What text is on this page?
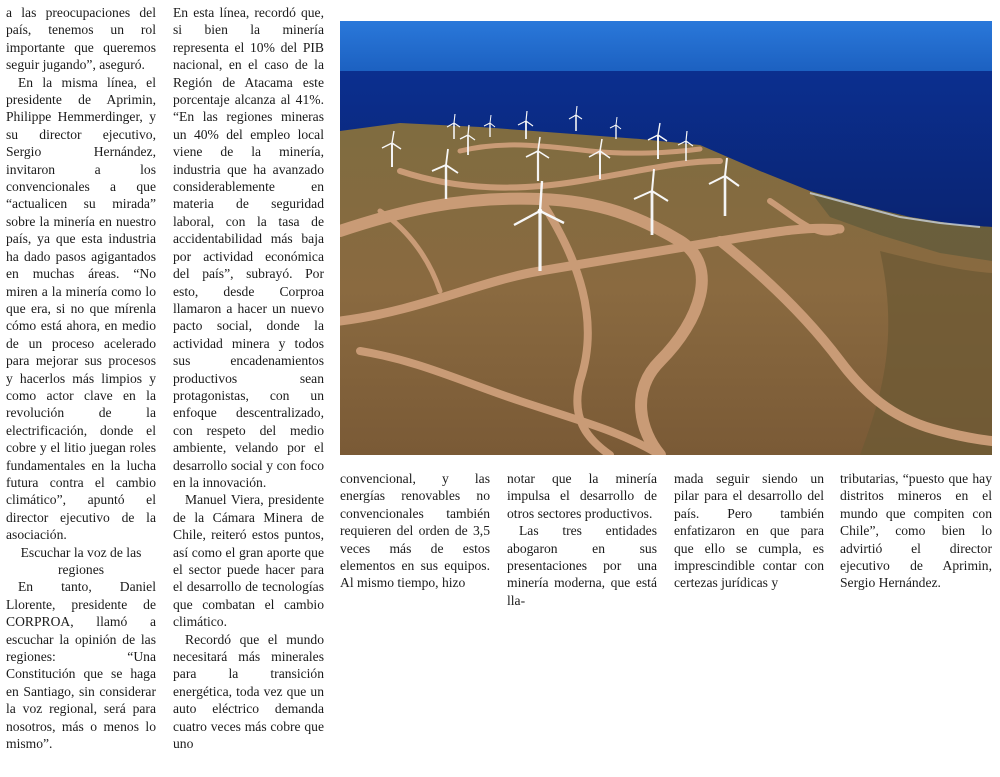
a las preocupaciones del país, tenemos un rol importante que queremos seguir jugando”, aseguró.

En la misma línea, el presidente de Aprimin, Philippe Hemmerdinger, y su director ejecutivo, Sergio Hernández, invitaron a los convencionales a que “actualicen su mirada” sobre la minería en nuestro país, ya que esta industria ha dado pasos agigantados en muchas áreas. “No miren a la minería como lo que era, si no que mírenla cómo está ahora, en medio de un proceso acelerado para mejorar sus procesos y hacerlos más limpios y como actor clave en la revolución de la electrificación, donde el cobre y el litio juegan roles fundamentales en la lucha futura contra el cambio climático”, apuntó el director ejecutivo de la asociación.

Escuchar la voz de las regiones

En tanto, Daniel Llorente, presidente de CORPROA, llamó a escuchar la opinión de las regiones: “Una Constitución que se haga en Santiago, sin considerar la voz regional, será para nosotros, más o menos lo mismo”.

En esta línea, recordó que, si bien la minería representa el 10% del PIB nacional, en el caso de la Región de Atacama este porcentaje alcanza al 41%. “En las regiones mineras un 40% del empleo local viene de la minería, industria que ha avanzado considerablemente en materia de seguridad laboral, con la tasa de accidentabilidad más baja por actividad económica del país”, subrayó. Por esto, desde Corproa llamaron a hacer un nuevo pacto social, donde la actividad minera y todos sus encadenamientos productivos sean protagonistas, con un enfoque descentralizado, con respeto del medio ambiente, velando por el desarrollo social y con foco en la innovación.

Manuel Viera, presidente de la Cámara Minera de Chile, reiteró estos puntos, así como el gran aporte que el sector puede hacer para el desarrollo de tecnologías que combatan el cambio climático.

Recordó que el mundo necesitará más minerales para la transición energética, toda vez que un auto eléctrico demanda cuatro veces más cobre que uno

convencional, y las energías renovables no convencionales también requieren del orden de 3,5 veces más de estos elementos en sus equipos. Al mismo tiempo, hizo

notar que la minería impulsa el desarrollo de otros sectores productivos.

Las tres entidades abogaron en sus presentaciones por una minería moderna, que está lla-

mada seguir siendo un pilar para el desarrollo del país. Pero también enfatizaron en que para que ello se cumpla, es imprescindible contar con certezas jurídicas y

tributarias, “puesto que hay distritos mineros en el mundo que compiten con Chile”, como bien lo advirtió el director ejecutivo de Aprimin, Sergio Hernández.
